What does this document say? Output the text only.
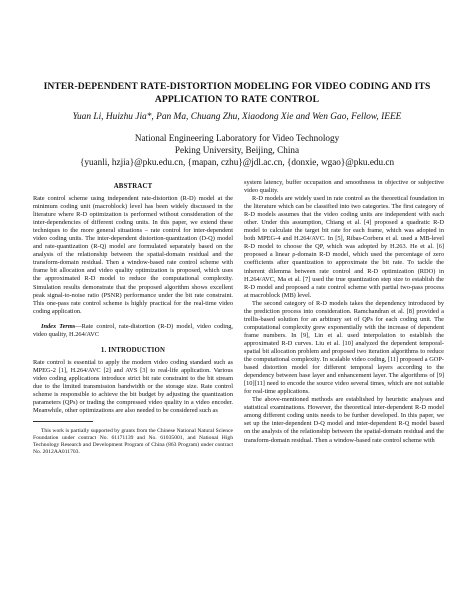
INTER-DEPENDENT RATE-DISTORTION MODELING FOR VIDEO CODING AND ITS
APPLICATION TO RATE CONTROL
Yuan Li, Huizhu Jia*, Pan Ma, Chuang Zhu, Xiaodong Xie and Wen Gao, Fellow, IEEE
National Engineering Laboratory for Video Technology
Peking University, Beijing, China
{yuanli, hzjia}@pku.edu.cn, {mapan, czhu}@jdl.ac.cn, {donxie, wgao}@pku.edu.cn
ABSTRACT

Rate control scheme using independent rate-distortion (R-D) model at the minimum coding unit (macroblock) level has been widely discussed in the literature where R-D optimization is performed without consideration of the inter-dependencies of different coding units. In this paper, we extend these techniques to the more general situations – rate control for inter-dependent video coding units. The inter-dependent distortion-quantization (D-Q) model and rate-quantization (R-Q) model are formulated separately based on the analysis of the relationship between the spatial-domain residual and the transform-domain residual. Then a window-based rate control scheme with frame bit allocation and video quality optimization is proposed, which uses the approximated R-D model to reduce the computational complexity. Simulation results demonstrate that the proposed algorithm shows excellent peak signal-to-noise ratio (PSNR) performance under the bit rate constraint. This one-pass rate control scheme is highly practical for the real-time video coding application.

Index Terms—Rate control, rate-distortion (R-D) model, video coding, video quality, H.264/AVC

1. INTRODUCTION

Rate control is essential to apply the modern video coding standard such as MPEG-2 [1], H.264/AVC [2] and AVS [3] to real-life application. Various video coding applications introduce strict bit rate constraint to the bit stream due to the limited transmission bandwidth or the storage size. Rate control scheme is responsible to achieve the bit budget by adjusting the quantization parameters (QPs) or trading the compressed video quality in a video encoder. Meanwhile, other optimizations are also needed to be considered such as

This work is partially supported by grants from the Chinese National Natural Science Foundation under contract No. 61171139 and No. 61035001, and National High Technology Research and Development Program of China (863 Program) under contract No. 2012AA011703.

system latency, buffer occupation and smoothness in objective or subjective video quality.

R-D models are widely used in rate control as the theoretical foundation in the literature which can be classified into two categories. The first category of R-D models assumes that the video coding units are independent with each other. Under this assumption, Chiang et al. [4] proposed a quadratic R-D model to calculate the target bit rate for each frame, which was adopted in both MPEG-4 and H.264/AVC. In [5], Ribas-Corbera et al. used a MB-level R-D model to choose the QP, which was adopted by H.263. He et al. [6] proposed a linear ρ-domain R-D model, which used the percentage of zero coefficients after quantization to approximate the bit rate. To tackle the inherent dilemma between rate control and R-D optimization (RDO) in H.264/AVC, Ma et al. [7] used the true quantization step size to establish the R-D model and proposed a rate control scheme with partial two-pass process at macroblock (MB) level.

The second category of R-D models takes the dependency introduced by the prediction process into consideration. Ramchandran et al. [8] provided a trellis-based solution for an arbitrary set of QPs for each coding unit. The computational complexity grew exponentially with the increase of dependent frame numbers. In [9], Lin et al. used interpolation to establish the approximated R-D curves. Liu et al. [10] analyzed the dependent temporal-spatial bit allocation problem and proposed two iteration algorithms to reduce the computational complexity. In scalable video coding, [11] proposed a GOP-based distortion model for different temporal layers according to the dependency between base layer and enhancement layer. The algorithms of [9][10][11] need to encode the source video several times, which are not suitable for real-time applications.

The above-mentioned methods are established by heuristic analyses and statistical examinations. However, the theoretical inter-dependent R-D model among different coding units needs to be further developed. In this paper, we set up the inter-dependent D-Q model and inter-dependent R-Q model based on the analysis of the relationship between the spatial-domain residual and the transform-domain residual. Then a window-based rate control scheme with
